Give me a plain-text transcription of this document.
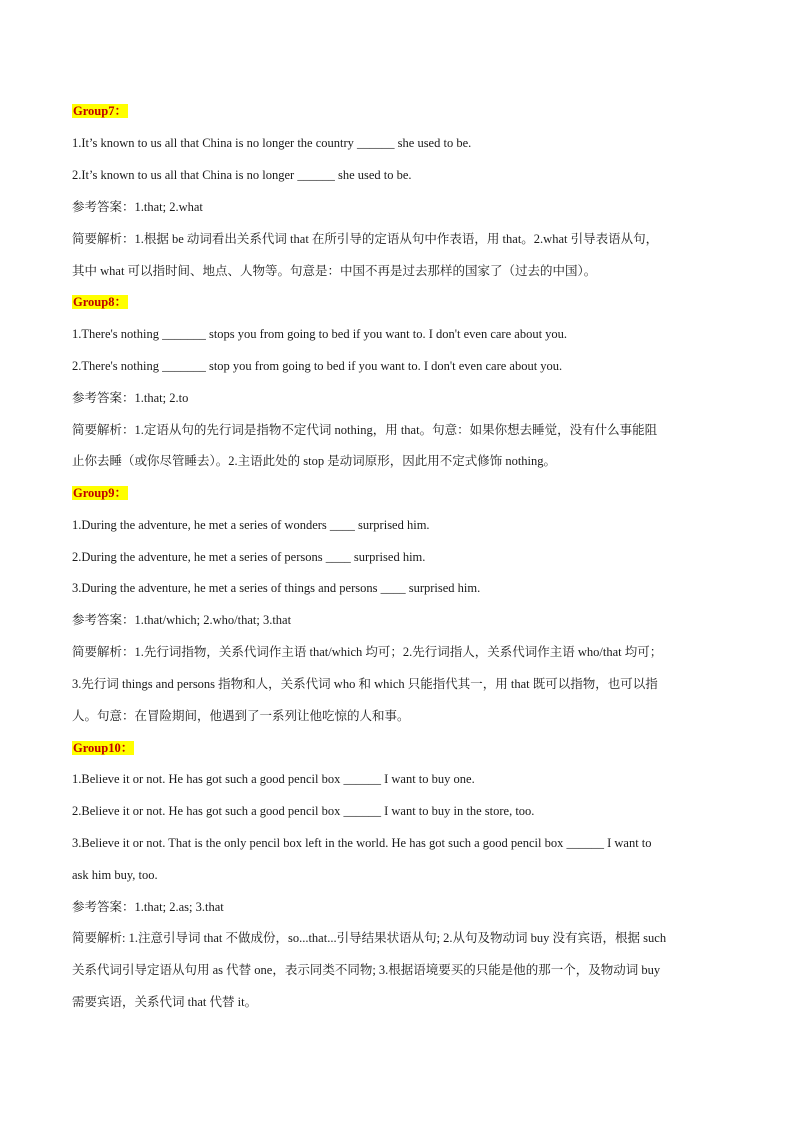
Group7：
1.It’s known to us all that China is no longer the country ______ she used to be.
2.It’s known to us all that China is no longer ______ she used to be.
参考答案：1.that; 2.what
简要解析：1.根据 be 动词看出关系代词 that 在所引导的定语从句中作表语，用 that。2.what 引导表语从句，
其中 what 可以指时间、地点、人物等。句意是：中国不再是过去那样的国家了（过去的中国）。
Group8：
1.There's nothing _______ stops you from going to bed if you want to. I don't even care about you.
2.There's nothing _______ stop you from going to bed if you want to. I don't even care about you.
参考答案：1.that; 2.to
简要解析：1.定语从句的先行词是指物不定代词 nothing，用 that。句意：如果你想去睡觉，没有什么事能阻
止你去睡（或你尽管睡去）。2.主语此处的 stop 是动词原形，因此用不定式修饰 nothing。
Group9：
1.During the adventure, he met a series of wonders ____ surprised him.
2.During the adventure, he met a series of persons ____ surprised him.
3.During the adventure, he met a series of things and persons ____ surprised him.
参考答案：1.that/which; 2.who/that; 3.that
简要解析：1.先行词指物，关系代词作主语 that/which 均可；2.先行词指人，关系代词作主语 who/that 均可；
3.先行词 things and persons 指物和人，关系代词 who 和 which 只能指代其一，用 that 既可以指物，也可以指
人。句意：在冒险期间，他遇到了一系列让他吃惊的人和事。
Group10：
1.Believe it or not. He has got such a good pencil box ______ I want to buy one.
2.Believe it or not. He has got such a good pencil box ______ I want to buy in the store, too.
3.Believe it or not. That is the only pencil box left in the world. He has got such a good pencil box ______ I want to
ask him buy, too.
参考答案：1.that; 2.as; 3.that
简要解析: 1.注意引导词 that 不做成份，so...that...引导结果状语从句; 2.从句及物动词 buy 没有宾语，根据 such
关系代词引导定语从句用 as 代替 one，表示同类不同物; 3.根据语境要买的只能是他的那一个，及物动词 buy
需要宾语，关系代词 that 代替 it。
